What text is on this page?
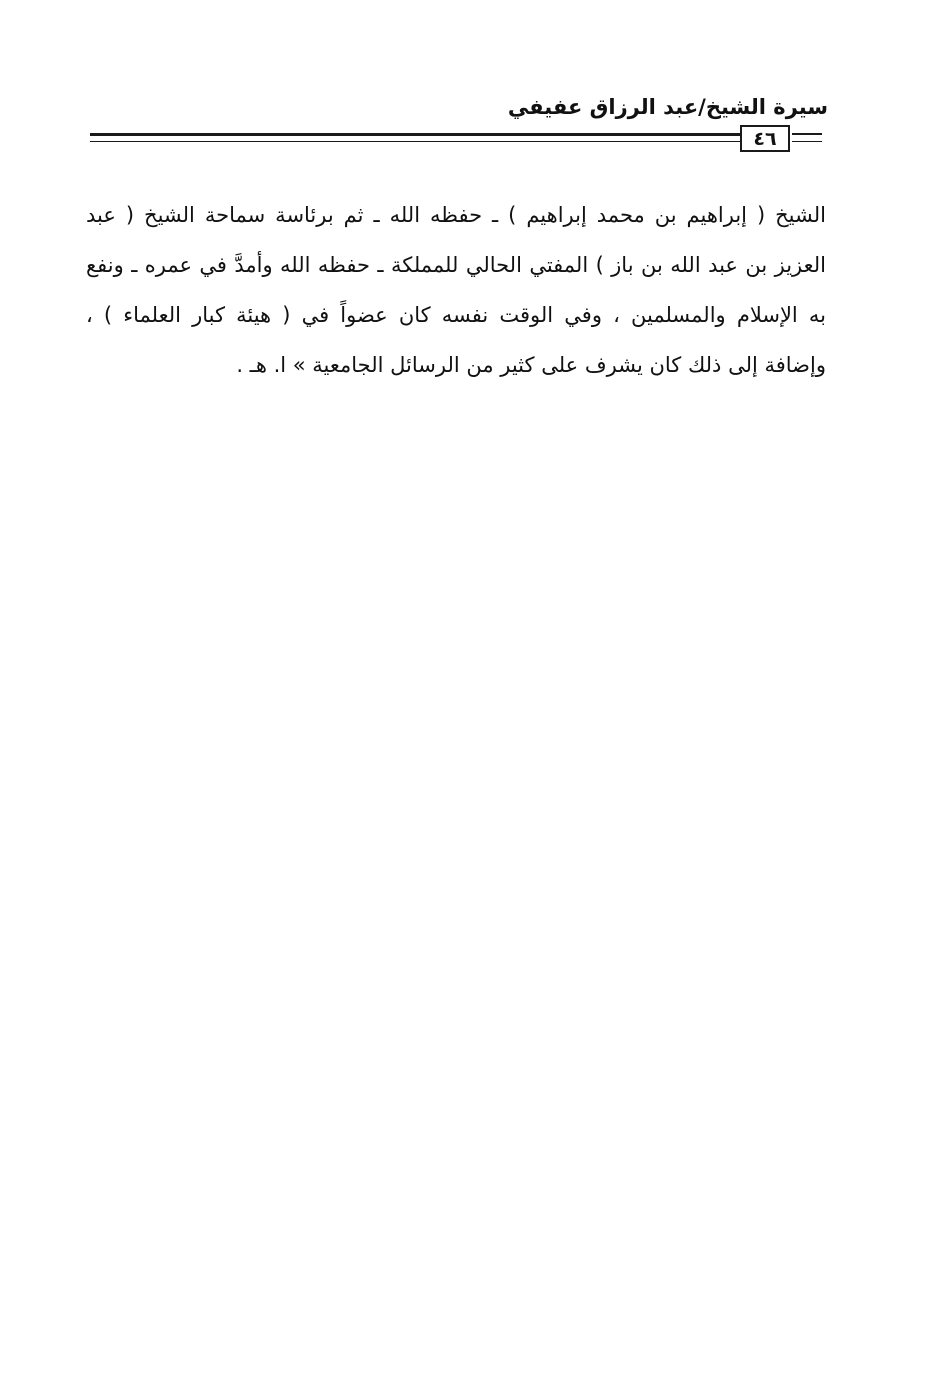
سيرة الشيخ/عبد الرزاق عفيفي
٤٦
الشيخ ( إبراهيم بن محمد إبراهيم ) ـ حفظه الله ـ ثم برئاسة سماحة الشيخ ( عبد
العزيز بن عبد الله بن باز ) المفتي الحالي للمملكة ـ حفظه الله وأمدَّ في عمره ـ ونفع
به الإسلام والمسلمين ، وفي الوقت نفسه كان عضواً في ( هيئة كبار العلماء ) ،
وإضافة إلى ذلك كان يشرف على كثير من الرسائل الجامعية » ا. هـ .
